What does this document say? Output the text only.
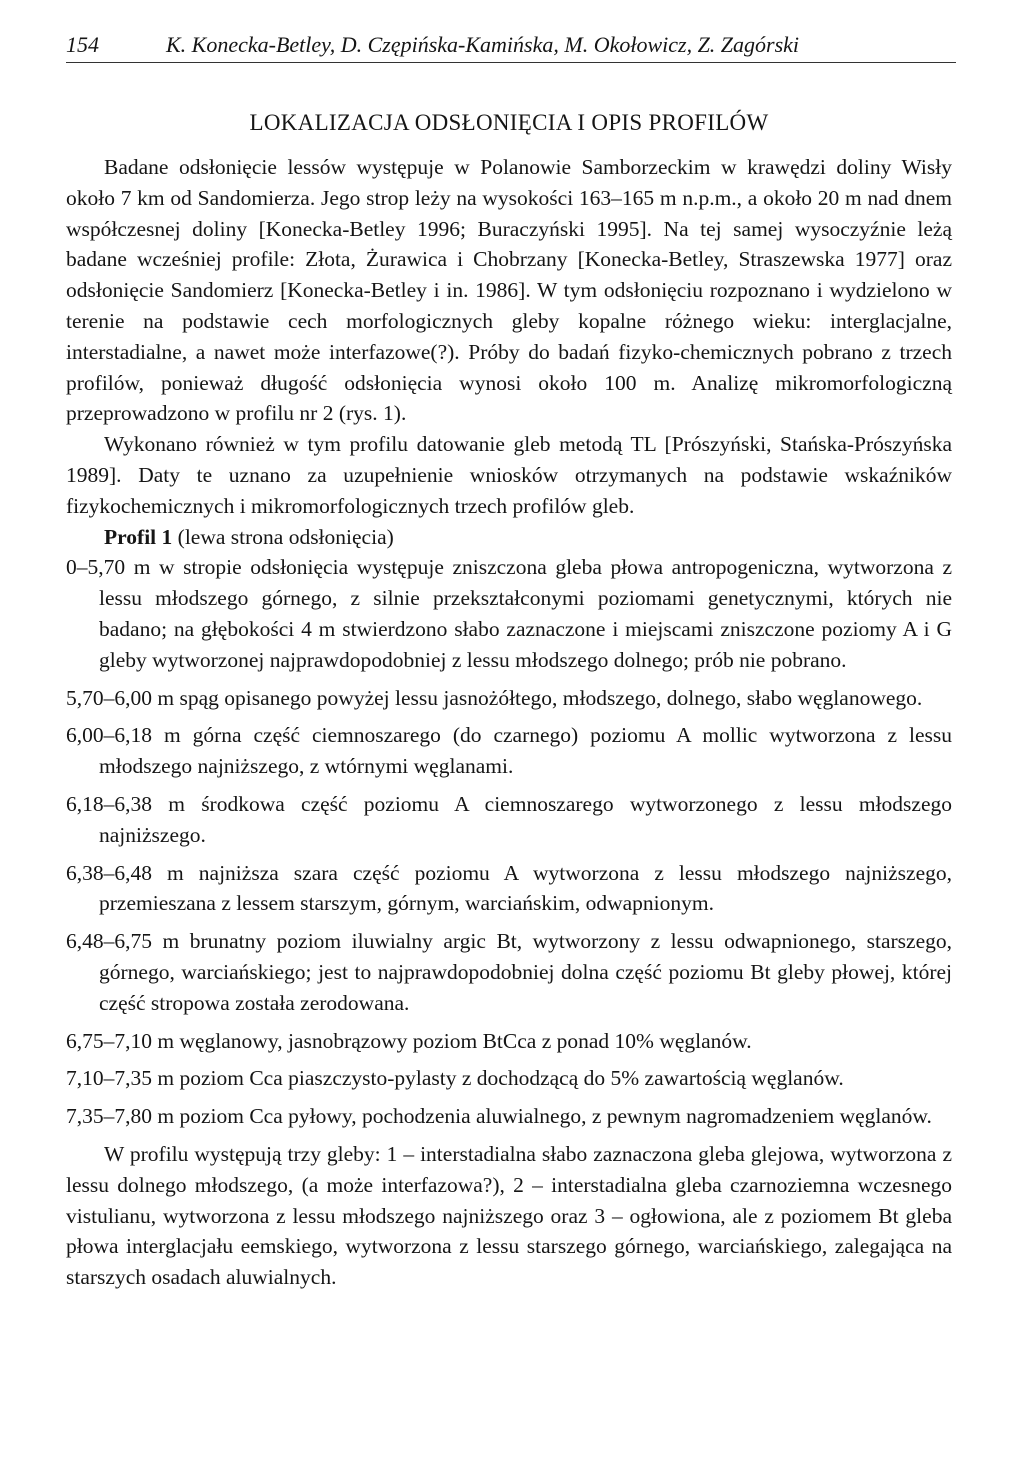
154	K. Konecka-Betley, D. Czępińska-Kamińska, M. Okołowicz, Z. Zagórski
LOKALIZACJA ODSŁONIĘCIA I OPIS PROFILÓW

Badane odsłonięcie lessów występuje w Polanowie Samborzeckim w krawędzi doliny Wisły około 7 km od Sandomierza. Jego strop leży na wysokości 163–165 m n.p.m., a około 20 m nad dnem współczesnej doliny [Konecka-Betley 1996; Buraczyński 1995]. Na tej samej wysoczyźnie leżą badane wcześniej profile: Złota, Żurawica i Chobrzany [Konecka-Betley, Straszewska 1977] oraz odsłonięcie Sandomierz [Konecka-Betley i in. 1986]. W tym odsłonięciu rozpoznano i wydzielono w terenie na podstawie cech morfologicznych gleby kopalne różnego wieku: interglacjalne, interstadialne, a nawet może interfazowe(?). Próby do badań fizyko-chemicznych pobrano z trzech profilów, ponieważ długość odsłonięcia wynosi około 100 m. Analizę mikromorfologiczną przeprowadzono w profilu nr 2 (rys. 1).

Wykonano również w tym profilu datowanie gleb metodą TL [Prószyński, Stańska-Prószyńska 1989]. Daty te uznano za uzupełnienie wniosków otrzymanych na podstawie wskaźników fizykochemicznych i mikromorfologicznych trzech profilów gleb.

Profil 1 (lewa strona odsłonięcia)

0–5,70 m w stropie odsłonięcia występuje zniszczona gleba płowa antropogeniczna, wytworzona z lessu młodszego górnego, z silnie przekształconymi poziomami genetycznymi, których nie badano; na głębokości 4 m stwierdzono słabo zaznaczone i miejscami zniszczone poziomy A i G gleby wytworzonej najprawdopodobniej z lessu młodszego dolnego; prób nie pobrano.

5,70–6,00 m spąg opisanego powyżej lessu jasnożółtego, młodszego, dolnego, słabo węglanowego.

6,00–6,18 m górna część ciemnoszarego (do czarnego) poziomu A mollic wytworzona z lessu młodszego najniższego, z wtórnymi węglanami.

6,18–6,38 m środkowa część poziomu A ciemnoszarego wytworzonego z lessu młodszego najniższego.

6,38–6,48 m najniższa szara część poziomu A wytworzona z lessu młodszego najniższego, przemieszana z lessem starszym, górnym, warciańskim, odwapnionym.

6,48–6,75 m brunatny poziom iluwialny argic Bt, wytworzony z lessu odwapnionego, starszego, górnego, warciańskiego; jest to najprawdopodobniej dolna część poziomu Bt gleby płowej, której część stropowa została zerodowana.

6,75–7,10 m węglanowy, jasnobrązowy poziom BtCca z ponad 10% węglanów.

7,10–7,35 m poziom Cca piaszczysto-pylasty z dochodzącą do 5% zawartością węglanów.

7,35–7,80 m poziom Cca pyłowy, pochodzenia aluwialnego, z pewnym nagromadzeniem węglanów.

W profilu występują trzy gleby: 1 – interstadialna słabo zaznaczona gleba glejowa, wytworzona z lessu dolnego młodszego, (a może interfazowa?), 2 – interstadialna gleba czarnoziemna wczesnego vistulianu, wytworzona z lessu młodszego najniższego oraz 3 – ogłowiona, ale z poziomem Bt gleba płowa interglacjału eemskiego, wytworzona z lessu starszego górnego, warciańskiego, zalegająca na starszych osadach aluwialnych.
